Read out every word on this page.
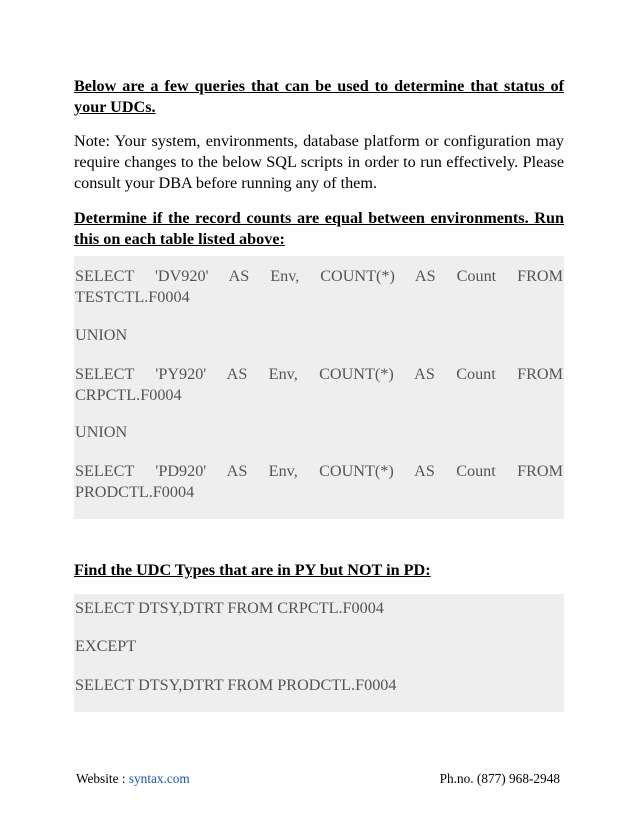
Below are a few queries that can be used to determine that status of your UDCs.

Note: Your system, environments, database platform or configuration may require changes to the below SQL scripts in order to run effectively. Please consult your DBA before running any of them.

Determine if the record counts are equal between environments. Run this on each table listed above:

SELECT 'DV920' AS Env, COUNT(*) AS Count FROM

TESTCTL.F0004

UNION

SELECT 'PY920' AS Env, COUNT(*) AS Count FROM

CRPCTL.F0004

UNION

SELECT 'PD920' AS Env, COUNT(*) AS Count FROM

PRODCTL.F0004

Find the UDC Types that are in PY but NOT in PD:

SELECT DTSY,DTRT FROM CRPCTL.F0004

EXCEPT

SELECT DTSY,DTRT FROM PRODCTL.F0004

Website : syntax.com	Ph.no. (877) 968-2948
